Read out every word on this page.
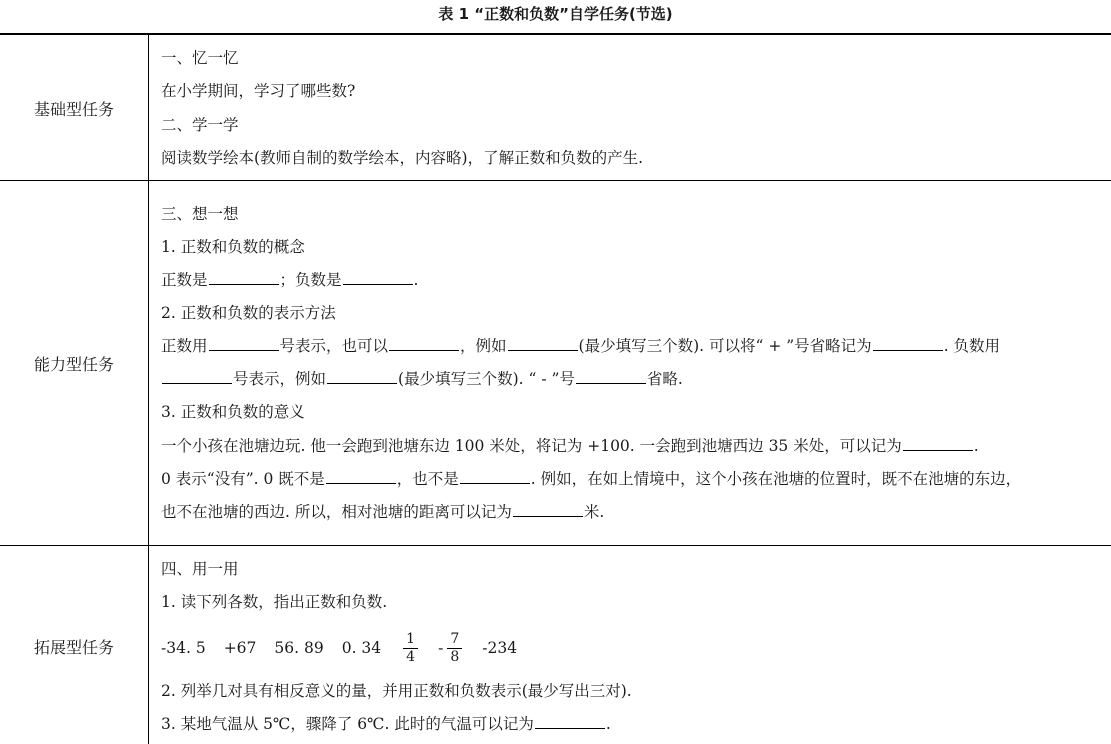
表 1 “正数和负数”自学任务(节选)
基础型任务
一、忆一忆
在小学期间，学习了哪些数?
二、学一学
阅读数学绘本(教师自制的数学绘本，内容略)，了解正数和负数的产生.
能力型任务
三、想一想
1. 正数和负数的概念
正数是	；负数是	.
2. 正数和负数的表示方法
正数用	号表示，也可以	，例如	(最少填写三个数). 可以将“ + ”号省略记为	. 负数用
号表示，例如	(最少填写三个数). “ - ”号	省略.
3. 正数和负数的意义
一个小孩在池塘边玩. 他一会跑到池塘东边 100 米处，将记为 +100. 一会跑到池塘西边 35 米处，可以记为	.
0 表示“没有”. 0 既不是	，也不是	. 例如，在如上情境中，这个小孩在池塘的位置时，既不在池塘的东边，
也不在池塘的西边. 所以，相对池塘的距离可以记为	米.
拓展型任务
四、用一用
1. 读下列各数，指出正数和负数.
-34. 5 +67 56. 89 0. $34 \frac{1}{4} - \frac{7}{8} -234$
2. 列举几对具有相反意义的量，并用正数和负数表示(最少写出三对).
3. 某地气温从 5℃，骤降了 6℃. 此时的气温可以记为	.
